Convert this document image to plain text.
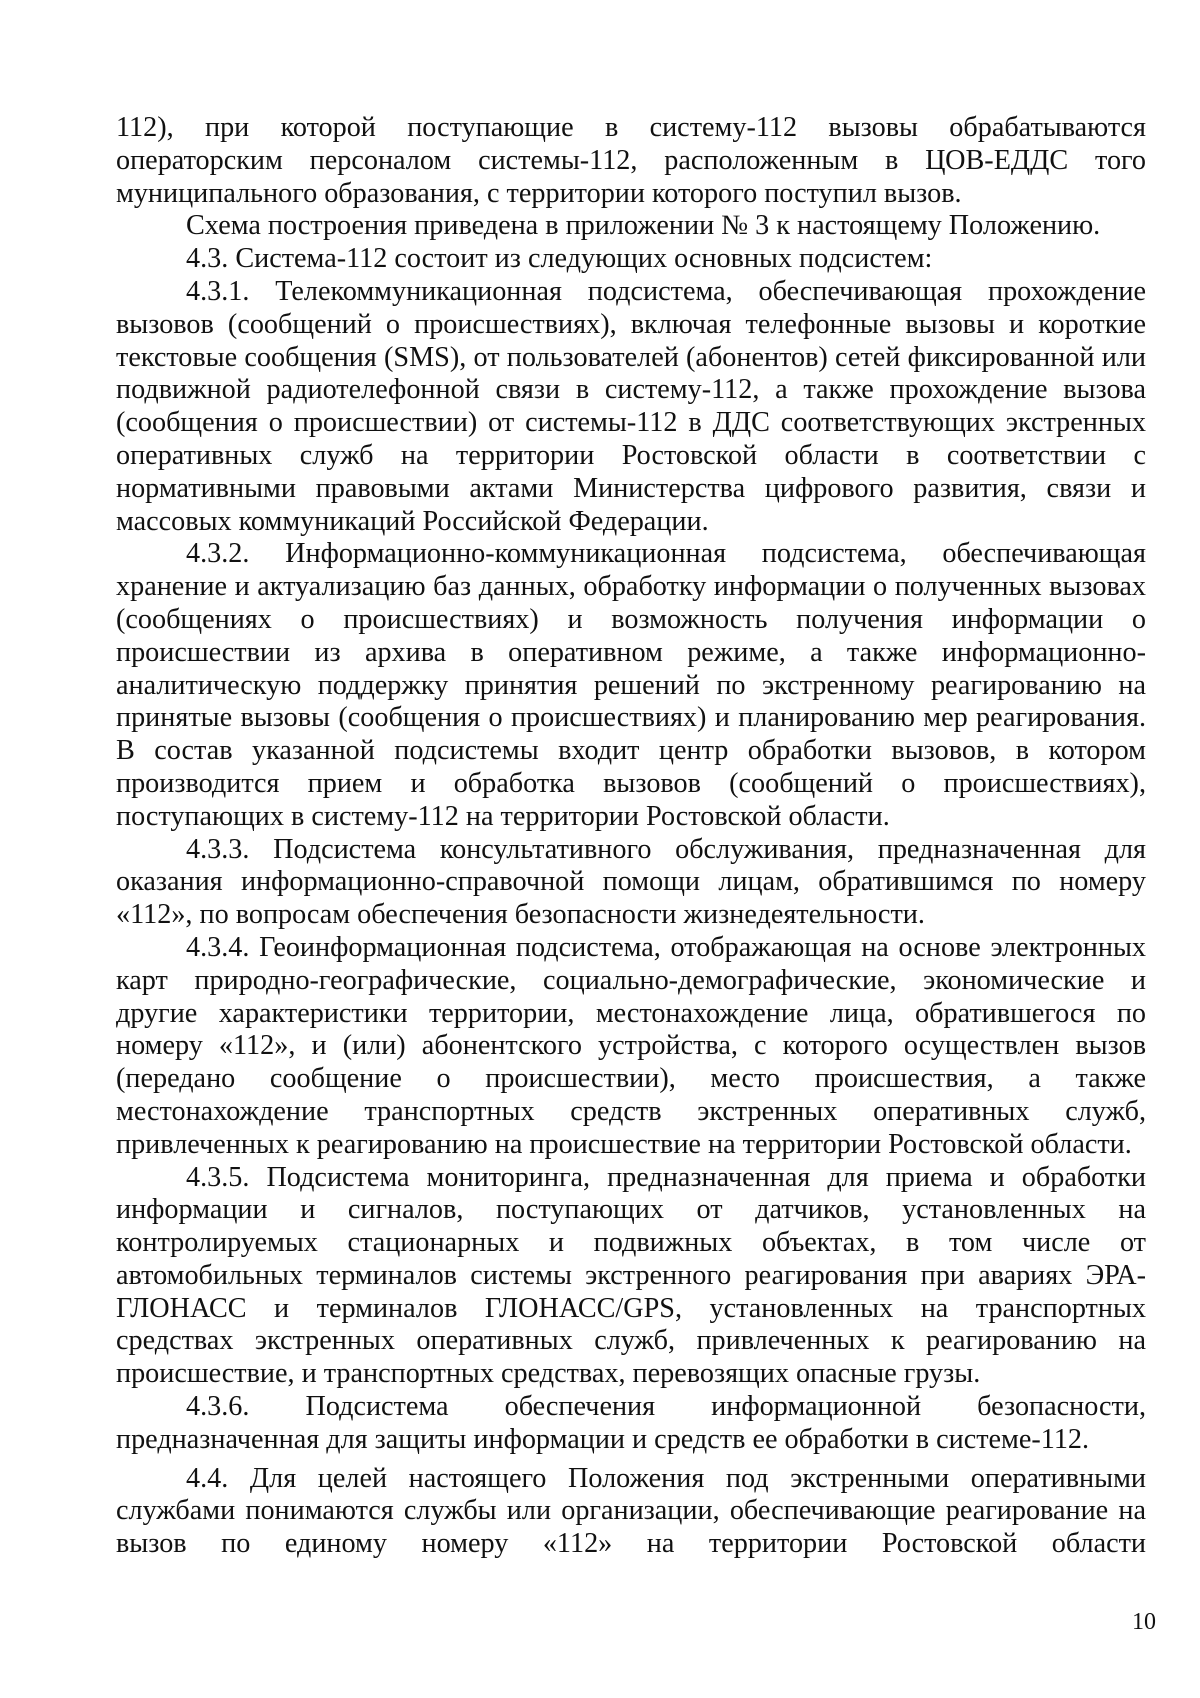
112), при которой поступающие в систему-112 вызовы обрабатываются операторским персоналом системы-112, расположенным в ЦОВ-ЕДДС того муниципального образования, с территории которого поступил вызов.

Схема построения приведена в приложении № 3 к настоящему Положению.

4.3. Система-112 состоит из следующих основных подсистем:

4.3.1. Телекоммуникационная подсистема, обеспечивающая прохождение вызовов (сообщений о происшествиях), включая телефонные вызовы и короткие текстовые сообщения (SMS), от пользователей (абонентов) сетей фиксированной или подвижной радиотелефонной связи в систему-112, а также прохождение вызова (сообщения о происшествии) от системы-112 в ДДС соответствующих экстренных оперативных служб на территории Ростовской области в соответствии с нормативными правовыми актами Министерства цифрового развития, связи и массовых коммуникаций Российской Федерации.

4.3.2. Информационно-коммуникационная подсистема, обеспечивающая хранение и актуализацию баз данных, обработку информации о полученных вызовах (сообщениях о происшествиях) и возможность получения информации о происшествии из архива в оперативном режиме, а также информационно-аналитическую поддержку принятия решений по экстренному реагированию на принятые вызовы (сообщения о происшествиях) и планированию мер реагирования. В состав указанной подсистемы входит центр обработки вызовов, в котором производится прием и обработка вызовов (сообщений о происшествиях), поступающих в систему-112 на территории Ростовской области.

4.3.3. Подсистема консультативного обслуживания, предназначенная для оказания информационно-справочной помощи лицам, обратившимся по номеру «112», по вопросам обеспечения безопасности жизнедеятельности.

4.3.4. Геоинформационная подсистема, отображающая на основе электронных карт природно-географические, социально-демографические, экономические и другие характеристики территории, местонахождение лица, обратившегося по номеру «112», и (или) абонентского устройства, с которого осуществлен вызов (передано сообщение о происшествии), место происшествия, а также местонахождение транспортных средств экстренных оперативных служб, привлеченных к реагированию на происшествие на территории Ростовской области.

4.3.5. Подсистема мониторинга, предназначенная для приема и обработки информации и сигналов, поступающих от датчиков, установленных на контролируемых стационарных и подвижных объектах, в том числе от автомобильных терминалов системы экстренного реагирования при авариях ЭРА-ГЛОНАСС и терминалов ГЛОНАСС/GPS, установленных на транспортных средствах экстренных оперативных служб, привлеченных к реагированию на происшествие, и транспортных средствах, перевозящих опасные грузы.

4.3.6. Подсистема обеспечения информационной безопасности, предназначенная для защиты информации и средств ее обработки в системе-112.

4.4. Для целей настоящего Положения под экстренными оперативными службами понимаются службы или организации, обеспечивающие реагирование на вызов по единому номеру «112» на территории Ростовской области

10
